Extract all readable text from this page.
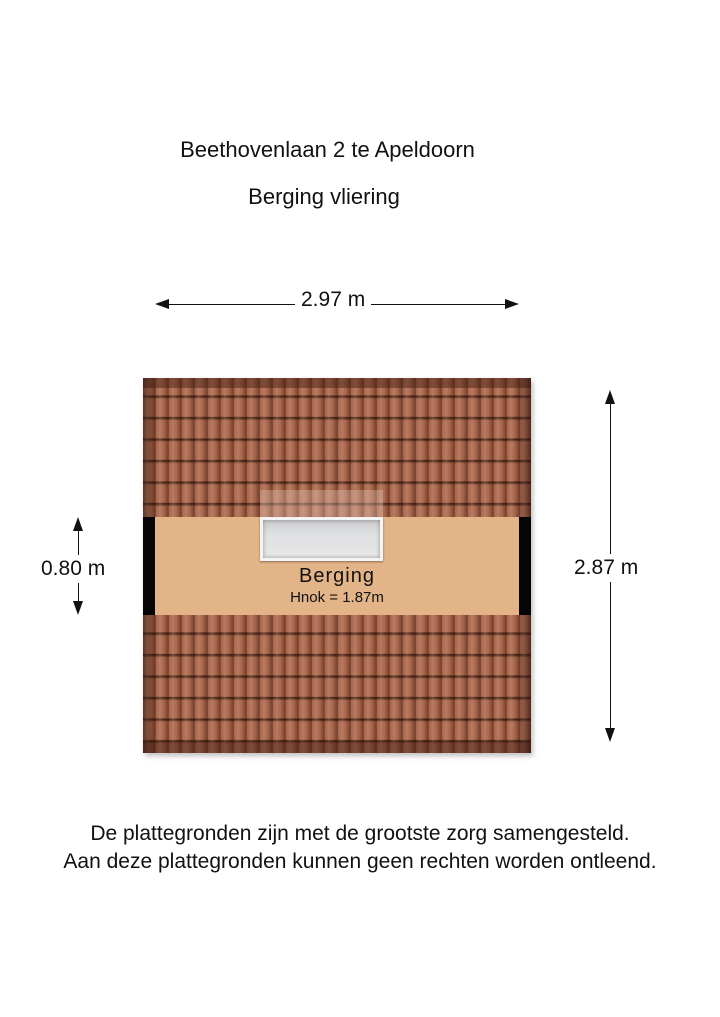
Beethovenlaan 2 te Apeldoorn
Berging vliering
2.97 m
2.87 m
0.80 m	Berging
Hnok = 1.87m
De plattegronden zijn met de grootste zorg samengesteld.
Aan deze plattegronden kunnen geen rechten worden ontleend.
